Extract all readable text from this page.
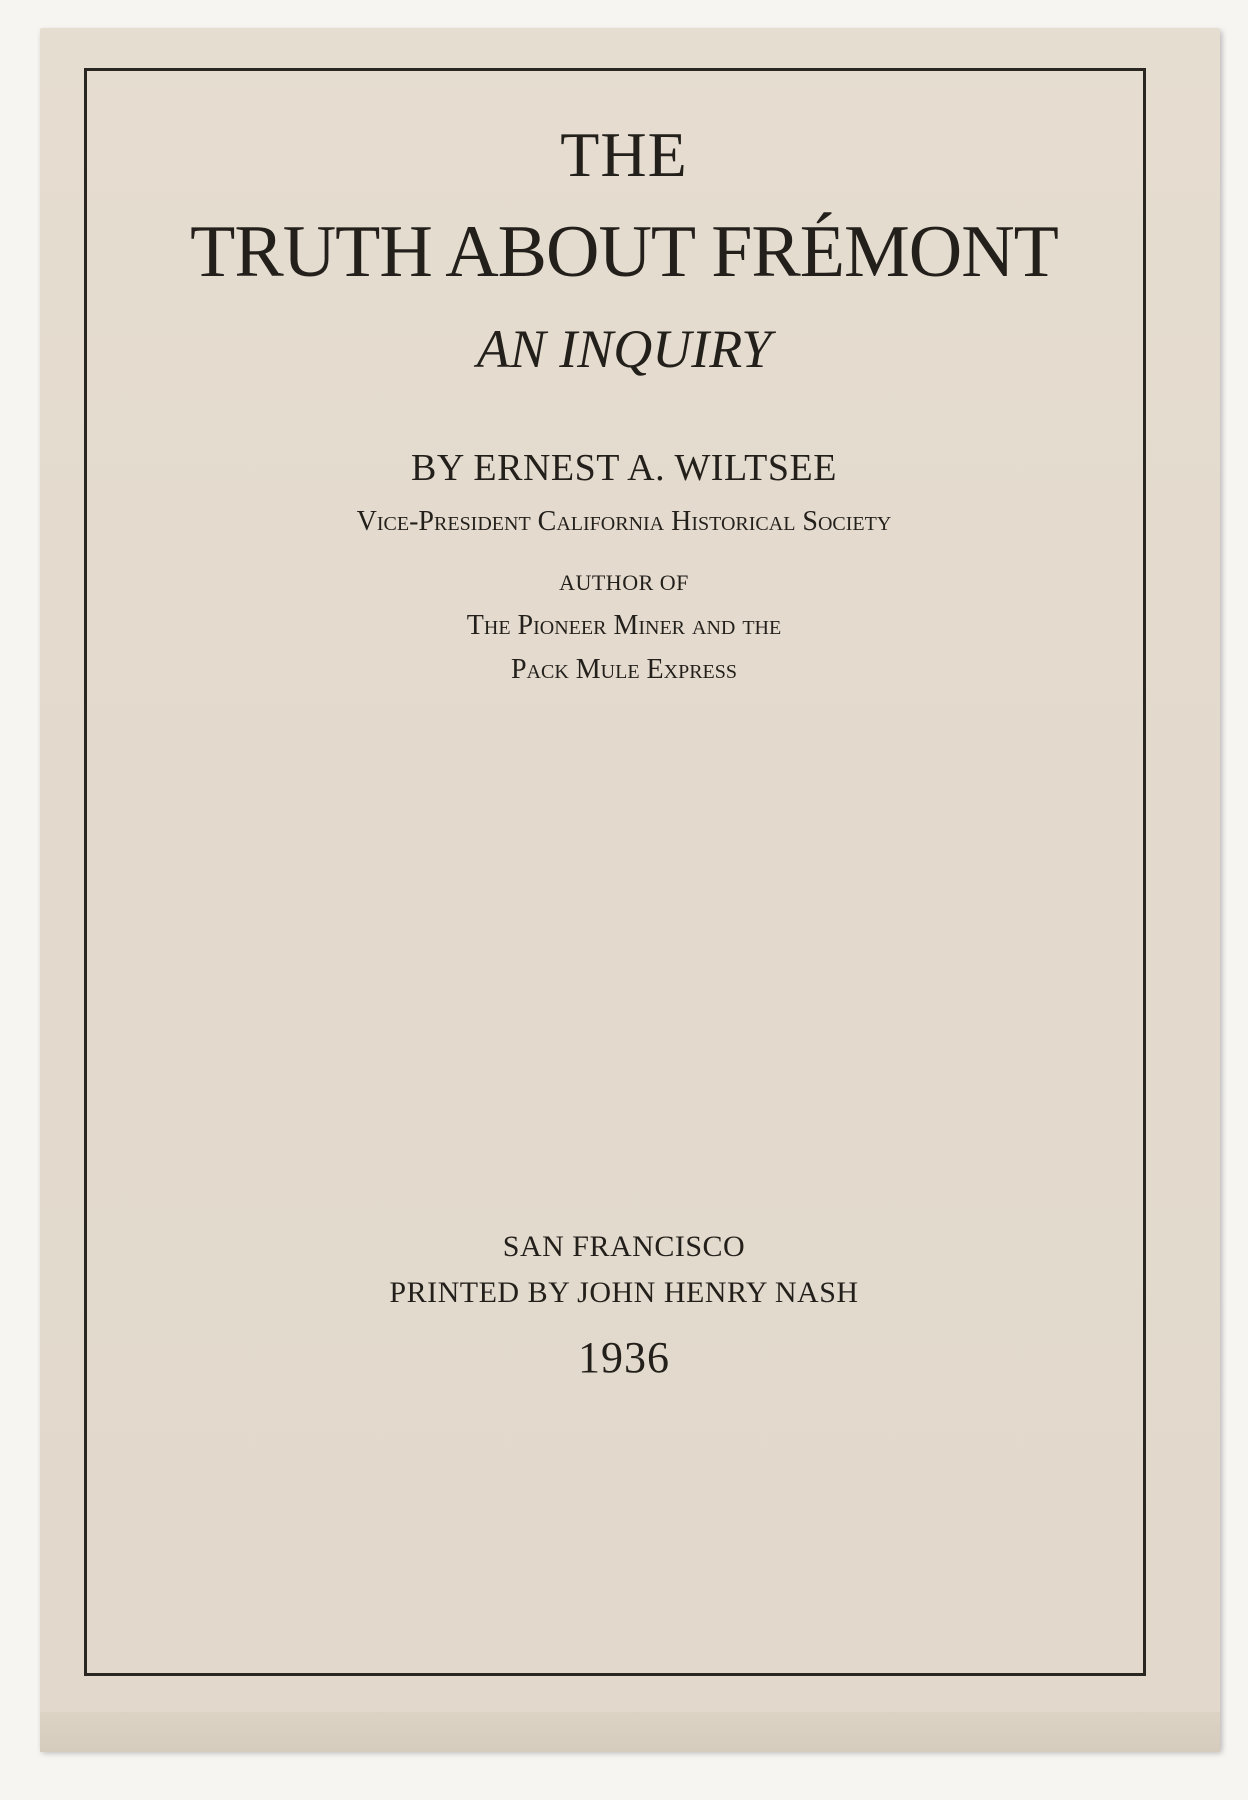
THE
TRUTH ABOUT FRÉMONT
AN INQUIRY
BY ERNEST A. WILTSEE
Vice-President California Historical Society
AUTHOR OF
The Pioneer Miner and the
Pack Mule Express
SAN FRANCISCO
PRINTED BY JOHN HENRY NASH
1936
